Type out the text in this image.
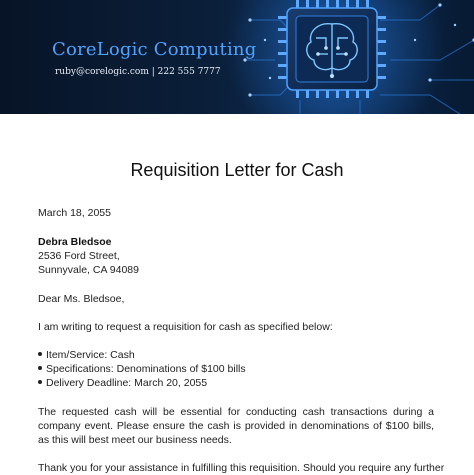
CoreLogic Computing
ruby@corelogic.com | 222 555 7777
Requisition Letter for Cash
March 18, 2055
Debra Bledsoe
2536 Ford Street,
Sunnyvale, CA 94089
Dear Ms. Bledsoe,
I am writing to request a requisition for cash as specified below:
Item/Service: Cash
Specifications: Denominations of $100 bills
Delivery Deadline: March 20, 2055
The requested cash will be essential for conducting cash transactions during a company event. Please ensure the cash is provided in denominations of $100 bills, as this will best meet our business needs.
Thank you for your assistance in fulfilling this requisition. Should you require any further
